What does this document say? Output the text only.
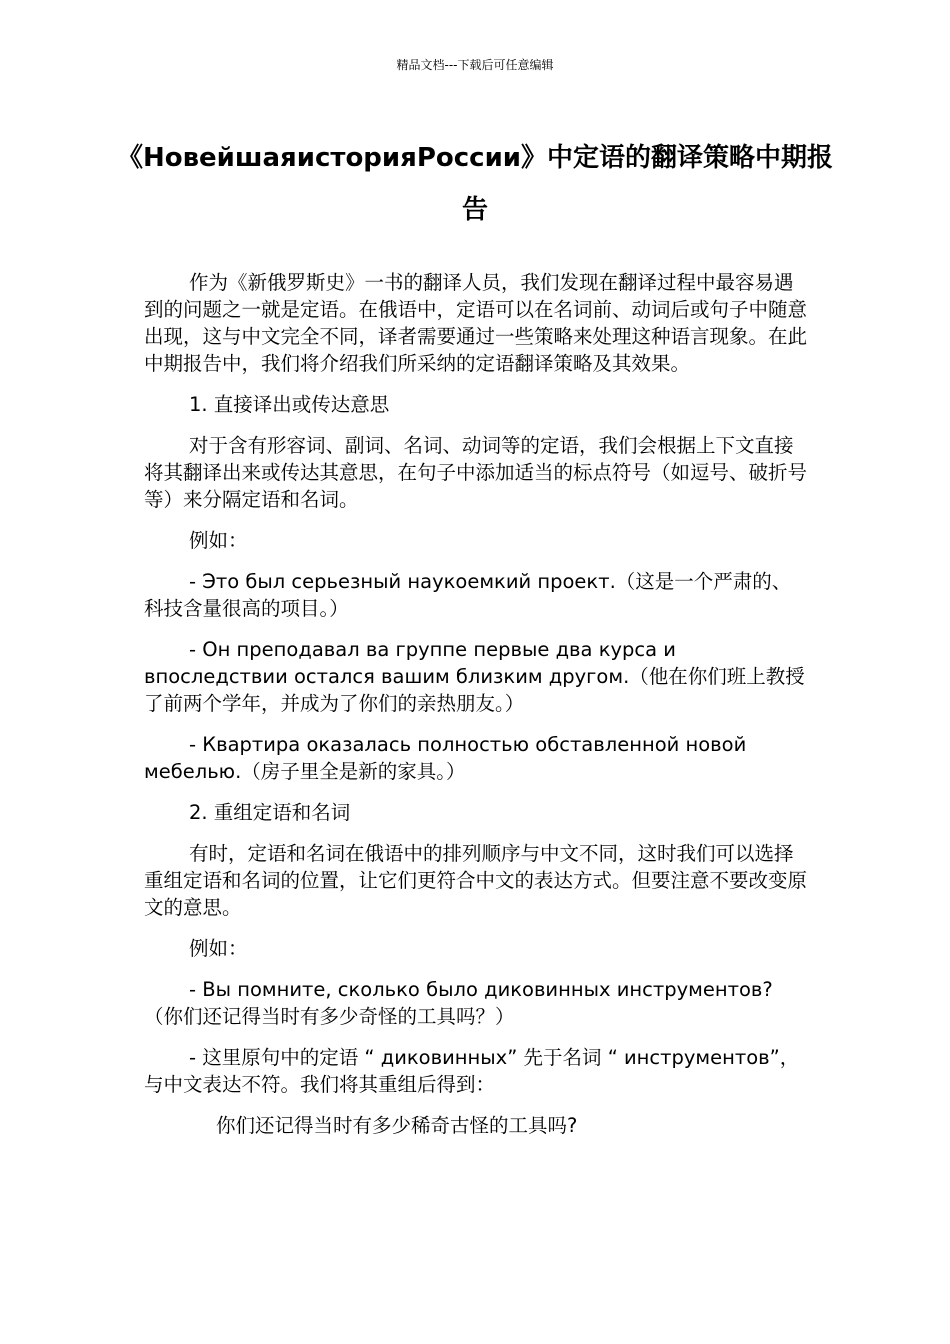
精品文档---下载后可任意编辑
《НовейшаяисторияРоссии》中定语的翻译策略中期报告

作为《新俄罗斯史》一书的翻译人员，我们发现在翻译过程中最容易遇到的问题之一就是定语。在俄语中，定语可以在名词前、动词后或句子中随意出现，这与中文完全不同，译者需要通过一些策略来处理这种语言现象。在此中期报告中，我们将介绍我们所采纳的定语翻译策略及其效果。

1. 直接译出或传达意思

对于含有形容词、副词、名词、动词等的定语，我们会根据上下文直接将其翻译出来或传达其意思，在句子中添加适当的标点符号（如逗号、破折号等）来分隔定语和名词。

例如：

- Это был серьезный наукоемкий проект.（这是一个严肃的、科技含量很高的项目。）

- Он преподавал ва группе первые два курса и впоследствии остался вашим близким другом.（他在你们班上教授了前两个学年，并成为了你们的亲热朋友。）

- Квартира оказалась полностью обставленной новой мебелью.（房子里全是新的家具。）

2. 重组定语和名词

有时，定语和名词在俄语中的排列顺序与中文不同，这时我们可以选择重组定语和名词的位置，让它们更符合中文的表达方式。但要注意不要改变原文的意思。

例如：

- Вы помните, сколько было диковинных инструментов?（你们还记得当时有多少奇怪的工具吗？）

- 这里原句中的定语 “ диковинных” 先于名词 “ инструментов”，与中文表达不符。我们将其重组后得到：

你们还记得当时有多少稀奇古怪的工具吗?
